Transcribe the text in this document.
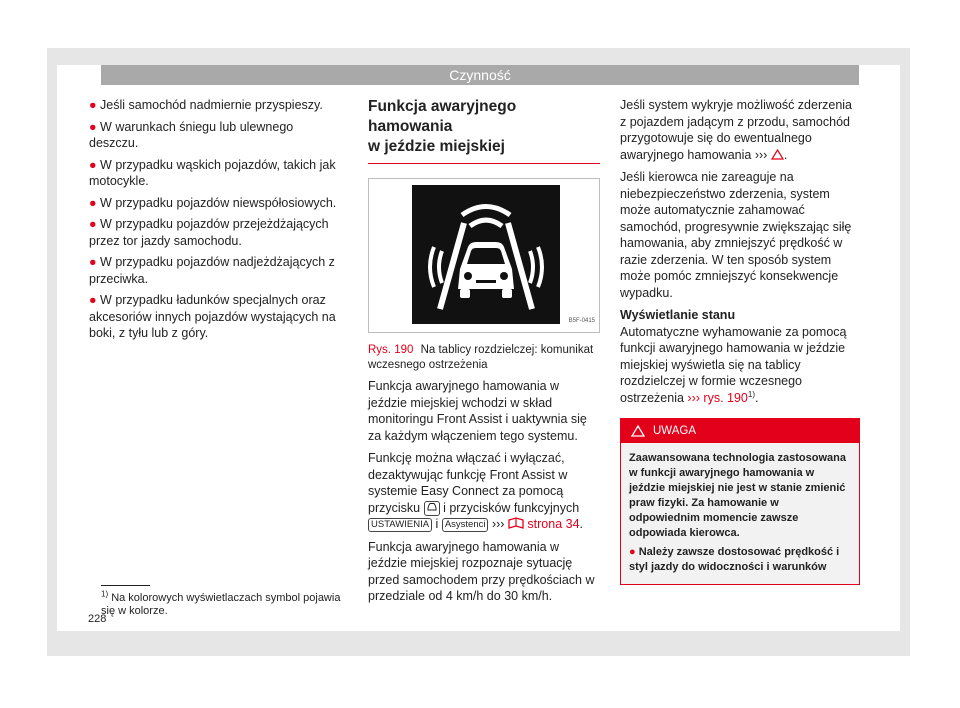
Czynność
● Jeśli samochód nadmiernie przyspieszy.
● W warunkach śniegu lub ulewnego deszczu.
● W przypadku wąskich pojazdów, takich jak motocykle.
● W przypadku pojazdów niewspółosiowych.
● W przypadku pojazdów przejeżdżających przez tor jazdy samochodu.
● W przypadku pojazdów nadjeżdżających z przeciwka.
● W przypadku ładunków specjalnych oraz akcesoriów innych pojazdów wystających na boki, z tyłu lub z góry.
Funkcja awaryjnego hamowania
w jeździe miejskiej
B5F-0415
Rys. 190 Na tablicy rozdzielczej: komunikat wczesnego ostrzeżenia

Funkcja awaryjnego hamowania w jeździe miejskiej wchodzi w skład monitoringu Front Assist i uaktywnia się za każdym włączeniem tego systemu.

Funkcję można włączać i wyłączać, dezaktywując funkcję Front Assist w systemie Easy Connect za pomocą przycisku i przycisków funkcyjnych USTAWIENIA i Asystenci ››› strona 34.

Funkcja awaryjnego hamowania w jeździe miejskiej rozpoznaje sytuację przed samochodem przy prędkościach w przedziale od 4 km/h do 30 km/h.

Jeśli system wykryje możliwość zderzenia z pojazdem jadącym z przodu, samochód przygotowuje się do ewentualnego awaryjnego hamowania ››› .

Jeśli kierowca nie zareaguje na niebezpieczeństwo zderzenia, system może automatycznie zahamować samochód, progresywnie zwiększając siłę hamowania, aby zmniejszyć prędkość w razie zderzenia. W ten sposób system może pomóc zmniejszyć konsekwencje wypadku.

Wyświetlanie stanu

Automatyczne wyhamowanie za pomocą funkcji awaryjnego hamowania w jeździe miejskiej wyświetla się na tablicy rozdzielczej w formie wczesnego ostrzeżenia ››› rys. 190$^{1)}$.

UWAGA

Zaawansowana technologia zastosowana w funkcji awaryjnego hamowania w jeździe miejskiej nie jest w stanie zmienić praw fizyki. Za hamowanie w odpowiednim momencie zawsze odpowiada kierowca.

● Należy zawsze dostosować prędkość i styl jazdy do widoczności i warunków

$^{1)}$ Na kolorowych wyświetlaczach symbol pojawia się w kolorze.
228
